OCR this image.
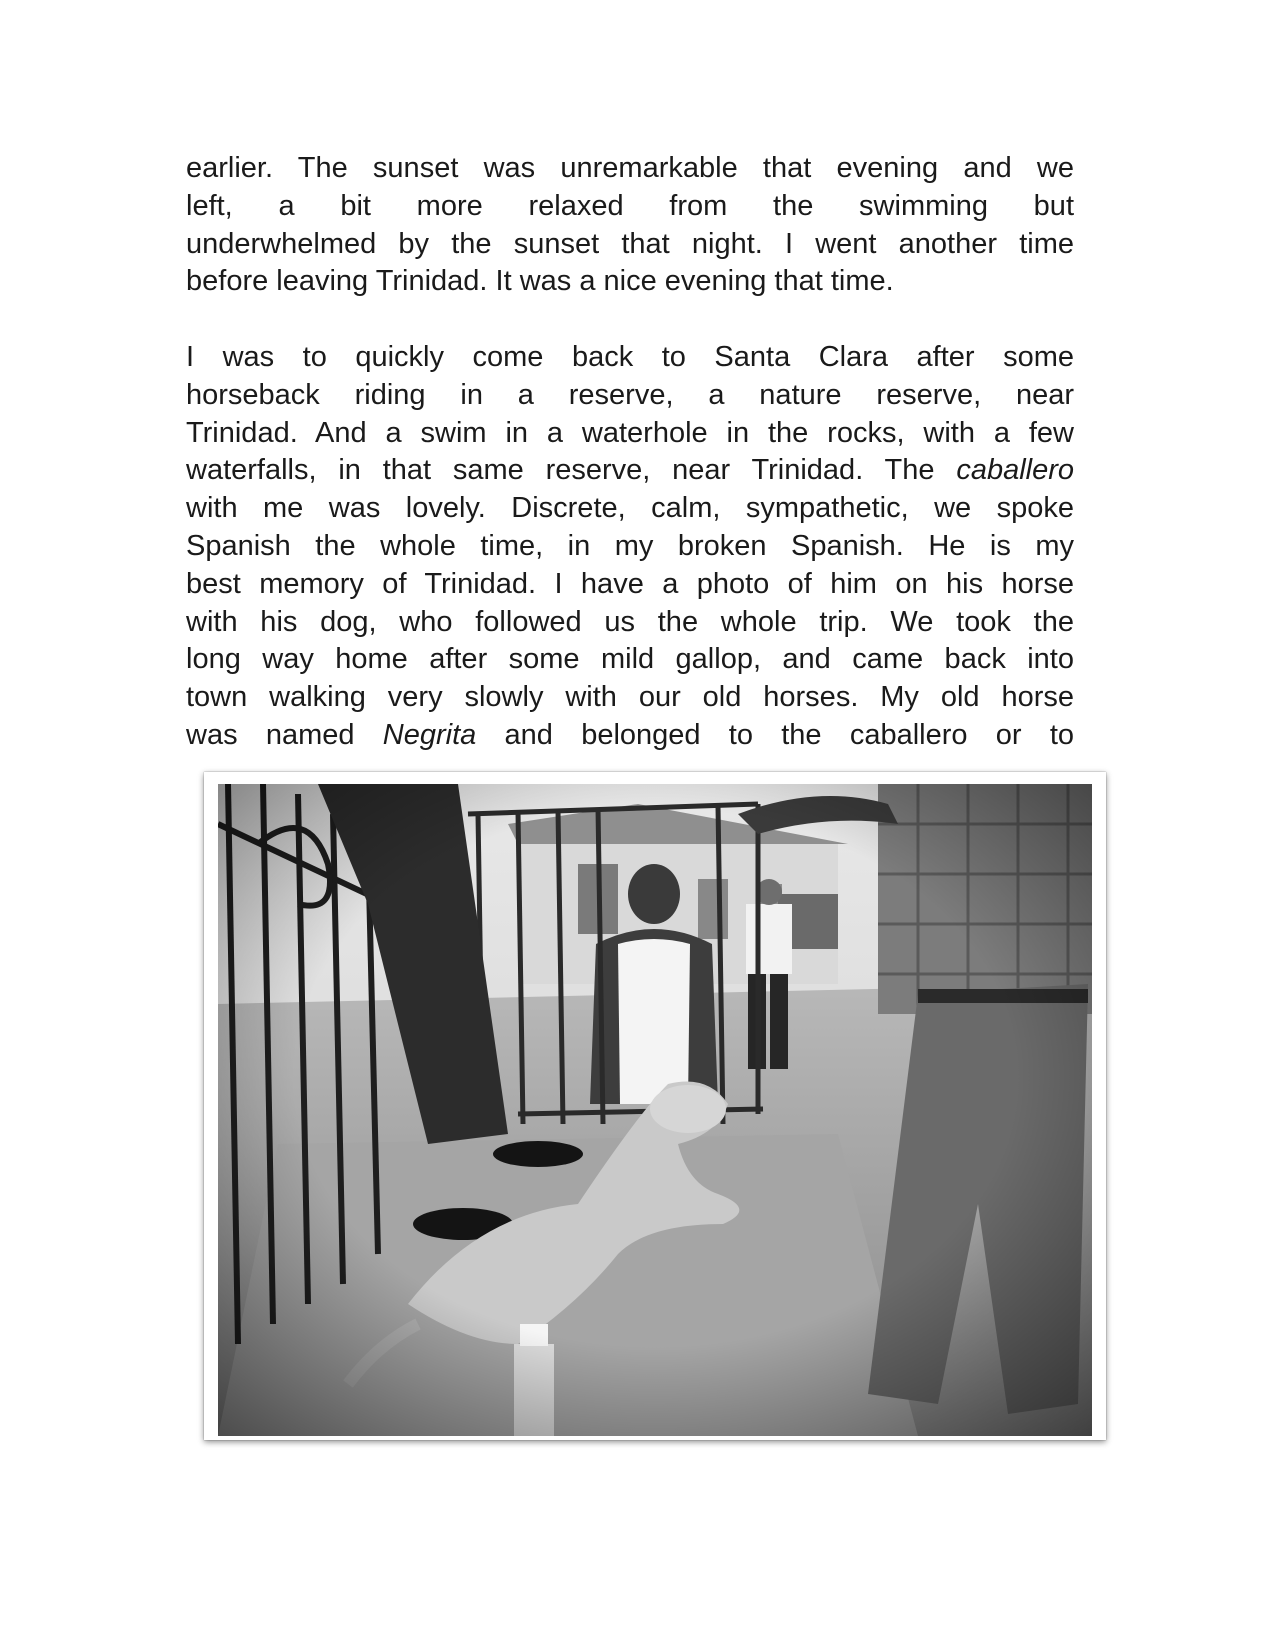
earlier. The sunset was unremarkable that evening and we
left, a bit more relaxed from the swimming but
underwhelmed by the sunset that night. I went another time
before leaving Trinidad. It was a nice evening that time.
I was to quickly come back to Santa Clara after some
horseback riding in a reserve, a nature reserve, near
Trinidad. And a swim in a waterhole in the rocks, with a few
waterfalls, in that same reserve, near Trinidad. The caballero
with me was lovely. Discrete, calm, sympathetic, we spoke
Spanish the whole time, in my broken Spanish. He is my
best memory of Trinidad. I have a photo of him on his horse
with his dog, who followed us the whole trip. We took the
long way home after some mild gallop, and came back into
town walking very slowly with our old horses. My old horse
was named Negrita and belonged to the caballero or to
